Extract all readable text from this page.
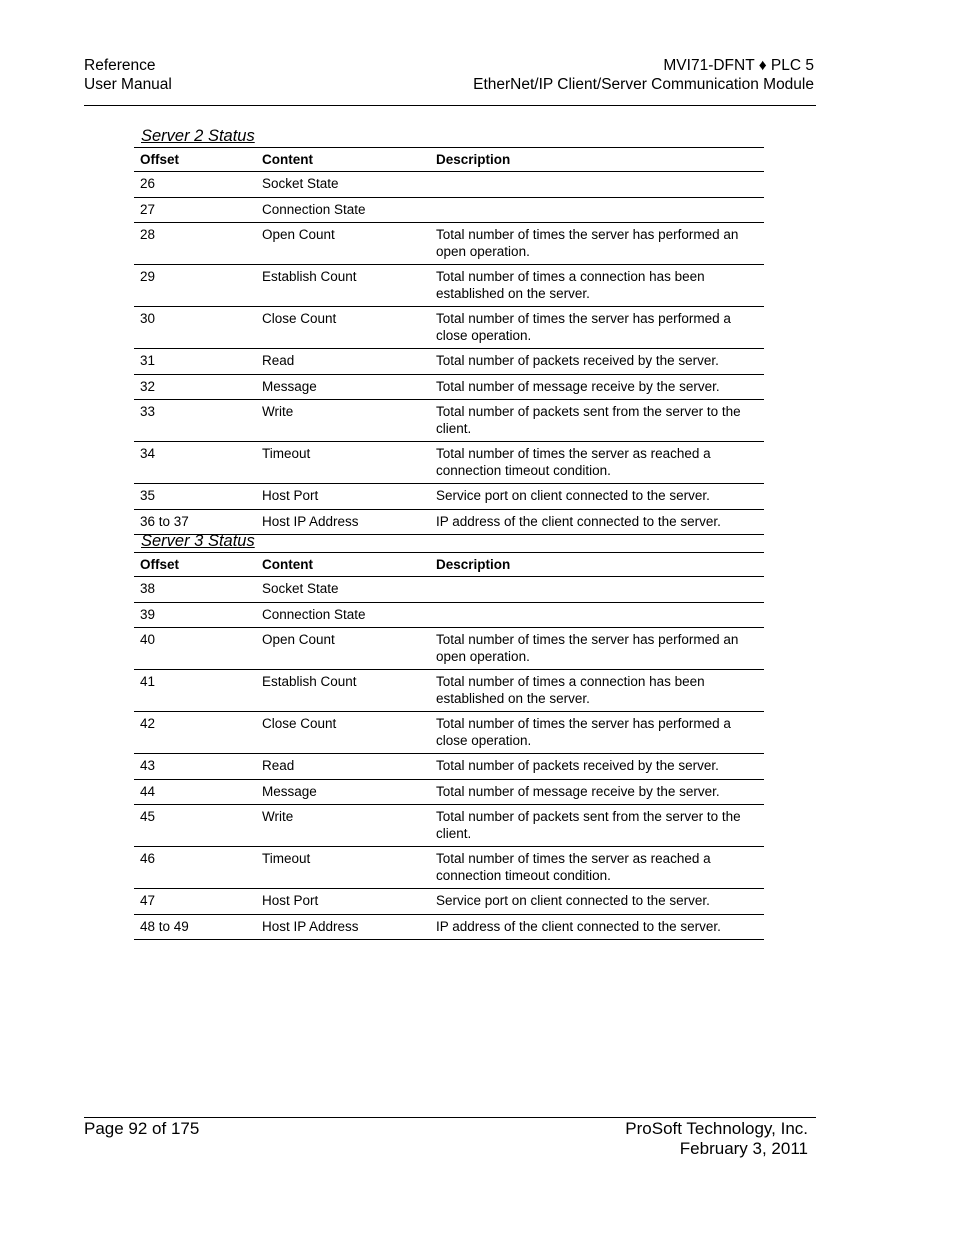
Reference
User Manual
MVI71-DFNT ♦ PLC 5
EtherNet/IP Client/Server Communication Module
Server 2 Status
Offset	Content	Description
26	Socket State	
27	Connection State	
28	Open Count	Total number of times the server has performed an open operation.
29	Establish Count	Total number of times a connection has been established on the server.
30	Close Count	Total number of times the server has performed a close operation.
31	Read	Total number of packets received by the server.
32	Message	Total number of message receive by the server.
33	Write	Total number of packets sent from the server to the client.
34	Timeout	Total number of times the server as reached a connection timeout condition.
35	Host Port	Service port on client connected to the server.
36 to 37	Host IP Address	IP address of the client connected to the server.
Server 3 Status
Offset	Content	Description
38	Socket State	
39	Connection State	
40	Open Count	Total number of times the server has performed an open operation.
41	Establish Count	Total number of times a connection has been established on the server.
42	Close Count	Total number of times the server has performed a close operation.
43	Read	Total number of packets received by the server.
44	Message	Total number of message receive by the server.
45	Write	Total number of packets sent from the server to the client.
46	Timeout	Total number of times the server as reached a connection timeout condition.
47	Host Port	Service port on client connected to the server.
48 to 49	Host IP Address	IP address of the client connected to the server.
Page 92 of 175	ProSoft Technology, Inc.
February 3, 2011
